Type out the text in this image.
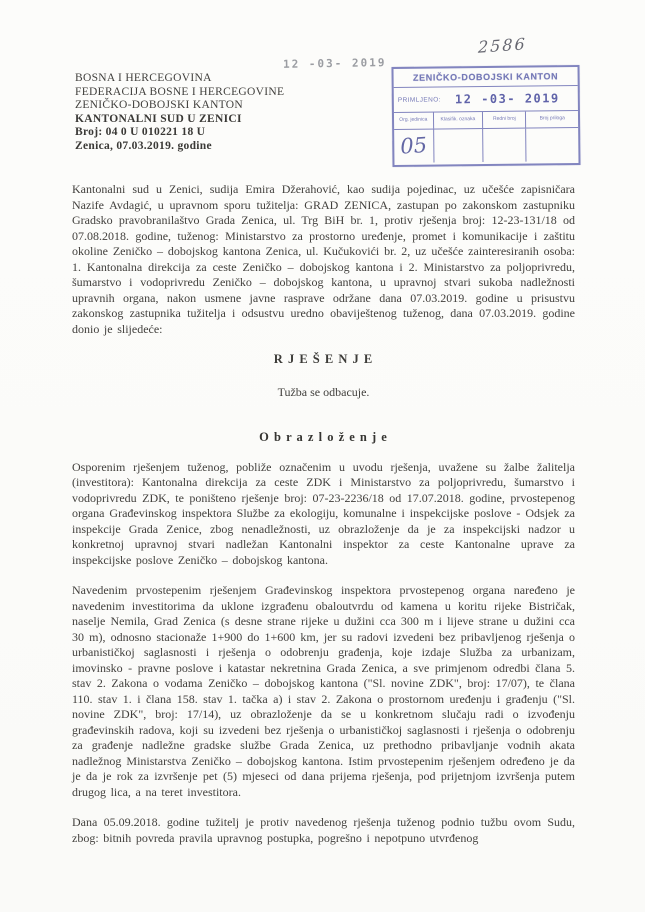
2586
12 -03- 2019
BOSNA I HERCEGOVINA
FEDERACIJA BOSNE I HERCEGOVINE
ZENIČKO-DOBOJSKI KANTON
KANTONALNI SUD U ZENICI
Broj: 04 0 U 010221 18 U
Zenica, 07.03.2019. godine
ZENIČKO-DOBOJSKI KANTON
PRIMLJENO:	12 -03- 2019
Org. jedinica	Klasifik. oznaka	Redni broj	Broj priloga
05

Kantonalni sud u Zenici, sudija Emira Džerahović, kao sudija pojedinac, uz učešće zapisničara Nazife Avdagić, u upravnom sporu tužitelja: GRAD ZENICA, zastupan po zakonskom zastupniku Gradsko pravobranilaštvo Grada Zenica, ul. Trg BiH br. 1, protiv rješenja broj: 12-23-131/18 od 07.08.2018. godine, tuženog: Ministarstvo za prostorno uređenje, promet i komunikacije i zaštitu okoline Zeničko – dobojskog kantona Zenica, ul. Kučukovići br. 2, uz učešće zainteresiranih osoba: 1. Kantonalna direkcija za ceste Zeničko – dobojskog kantona i 2. Ministarstvo za poljoprivredu, šumarstvo i vodoprivredu Zeničko – dobojskog kantona, u upravnoj stvari sukoba nadležnosti upravnih organa, nakon usmene javne rasprave održane dana 07.03.2019. godine u prisustvu zakonskog zastupnika tužitelja i odsustvu uredno obaviještenog tuženog, dana 07.03.2019. godine donio je slijedeće:

R J E Š E N J E
Tužba se odbacuje.
O b r a z l o ž e n j e

Osporenim rješenjem tuženog, pobliže označenim u uvodu rješenja, uvažene su žalbe žalitelja (investitora): Kantonalna direkcija za ceste ZDK i Ministarstvo za poljoprivredu, šumarstvo i vodoprivredu ZDK, te poništeno rješenje broj: 07-23-2236/18 od 17.07.2018. godine, prvostepenog organa Građevinskog inspektora Službe za ekologiju, komunalne i inspekcijske poslove - Odsjek za inspekcije Grada Zenice, zbog nenadležnosti, uz obrazloženje da je za inspekcijski nadzor u konkretnoj upravnoj stvari nadležan Kantonalni inspektor za ceste Kantonalne uprave za inspekcijske poslove Zeničko – dobojskog kantona.

Navedenim prvostepenim rješenjem Građevinskog inspektora prvostepenog organa naređeno je navedenim investitorima da uklone izgrađenu obaloutvrdu od kamena u koritu rijeke Bistričak, naselje Nemila, Grad Zenica (s desne strane rijeke u dužini cca 300 m i lijeve strane u dužini cca 30 m), odnosno stacionaže 1+900 do 1+600 km, jer su radovi izvedeni bez pribavljenog rješenja o urbanističkoj saglasnosti i rješenja o odobrenju građenja, koje izdaje Služba za urbanizam, imovinsko - pravne poslove i katastar nekretnina Grada Zenica, a sve primjenom odredbi člana 5. stav 2. Zakona o vodama Zeničko – dobojskog kantona ("Sl. novine ZDK", broj: 17/07), te člana 110. stav 1. i člana 158. stav 1. tačka a) i stav 2. Zakona o prostornom uređenju i građenju ("Sl. novine ZDK", broj: 17/14), uz obrazloženje da se u konkretnom slučaju radi o izvođenju građevinskih radova, koji su izvedeni bez rješenja o urbanističkoj saglasnosti i rješenja o odobrenju za građenje nadležne gradske službe Grada Zenica, uz prethodno pribavljanje vodnih akata nadležnog Ministarstva Zeničko – dobojskog kantona. Istim prvostepenim rješenjem određeno je da je da je rok za izvršenje pet (5) mjeseci od dana prijema rješenja, pod prijetnjom izvršenja putem drugog lica, a na teret investitora.

Dana 05.09.2018. godine tužitelj je protiv navedenog rješenja tuženog podnio tužbu ovom Sudu, zbog: bitnih povreda pravila upravnog postupka, pogrešno i nepotpuno utvrđenog
